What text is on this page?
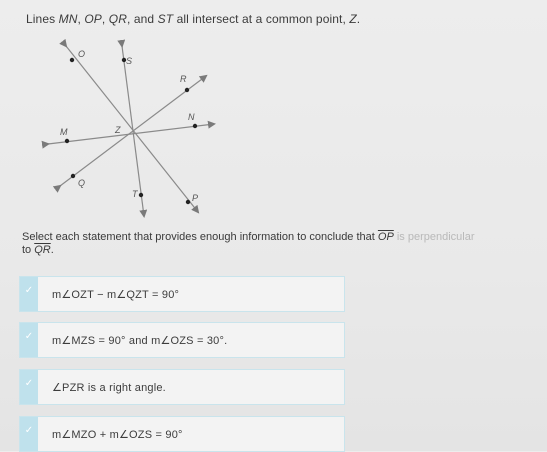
Lines MN, OP, QR, and ST all intersect at a common point, Z.
O
S
R
N
M	Z
Q
T	P
Select each statement that provides enough information to conclude that $\overline{OP}$ is perpendicular
to $\overline{QR}$.
✓	m∠OZT − m∠QZT = 90°
✓	m∠MZS = 90° and m∠OZS = 30°.
✓	∠PZR is a right angle.
✓	m∠MZO + m∠OZS = 90°
